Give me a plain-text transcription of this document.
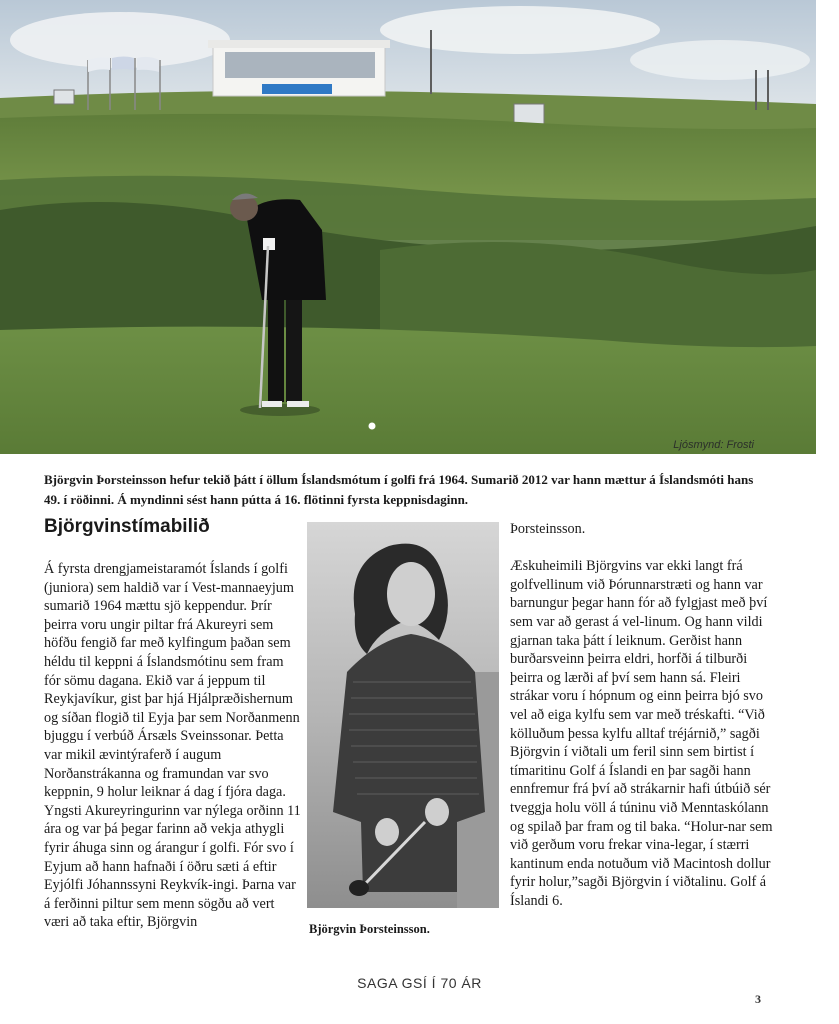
Ljósmynd: Frosti
Björgvin Þorsteinsson hefur tekið þátt í öllum Íslandsmótum í golfi frá 1964. Sumarið 2012 var hann mættur á Íslandsmóti hans 49. í röðinni. Á myndinni sést hann pútta á 16. flötinni fyrsta keppnisdaginn.
Björgvinstímabilið

Á fyrsta drengjameistaramót Íslands í golfi (juniora) sem haldið var í Vest-mannaeyjum sumarið 1964 mættu sjö keppendur. Þrír þeirra voru ungir piltar frá Akureyri sem höfðu fengið far með kylfingum þaðan sem héldu til keppni á Íslandsmótinu sem fram fór sömu dagana. Ekið var á jeppum til Reykjavíkur, gist þar hjá Hjálpræðishernum og síðan flogið til Eyja þar sem Norðanmenn bjuggu í verbúð Ársæls Sveinssonar. Þetta var mikil ævintýraferð í augum Norðanstrákanna og framundan var svo keppnin, 9 holur leiknar á dag í fjóra daga.

Yngsti Akureyringurinn var nýlega orðinn 11 ára og var þá þegar farinn að vekja athygli fyrir áhuga sinn og árangur í golfi. Fór svo í Eyjum að hann hafnaði í öðru sæti á eftir Eyjólfi Jóhannssyni Reykvík-ingi. Þarna var á ferðinni piltur sem menn sögðu að vert væri að taka eftir, Björgvin	Björgvin Þorsteinsson.

Þorsteinsson.

Æskuheimili Björgvins var ekki langt frá golfvellinum við Þórunnarstræti og hann var barnungur þegar hann fór að fylgjast með því sem var að gerast á vel-linum. Og hann vildi gjarnan taka þátt í leiknum. Gerðist hann burðarsveinn þeirra eldri, horfði á tilburði þeirra og lærði af því sem hann sá. Fleiri strákar voru í hópnum og einn þeirra bjó svo vel að eiga kylfu sem var með tréskafti. “Við kölluðum þessa kylfu alltaf tréjárnið,” sagði Björgvin í viðtali um feril sinn sem birtist í tímaritinu Golf á Íslandi en þar sagði hann ennfremur frá því að strákarnir hafi útbúið sér tveggja holu völl á túninu við Menntaskólann og spilað þar fram og til baka. “Holur-nar sem við gerðum voru frekar vina-legar, í stærri kantinum enda notuðum við Macintosh dollur fyrir holur,”sagði Björgvin í viðtalinu. Golf á Íslandi 6.

SAGA GSÍ Í 70 ÁR
3
